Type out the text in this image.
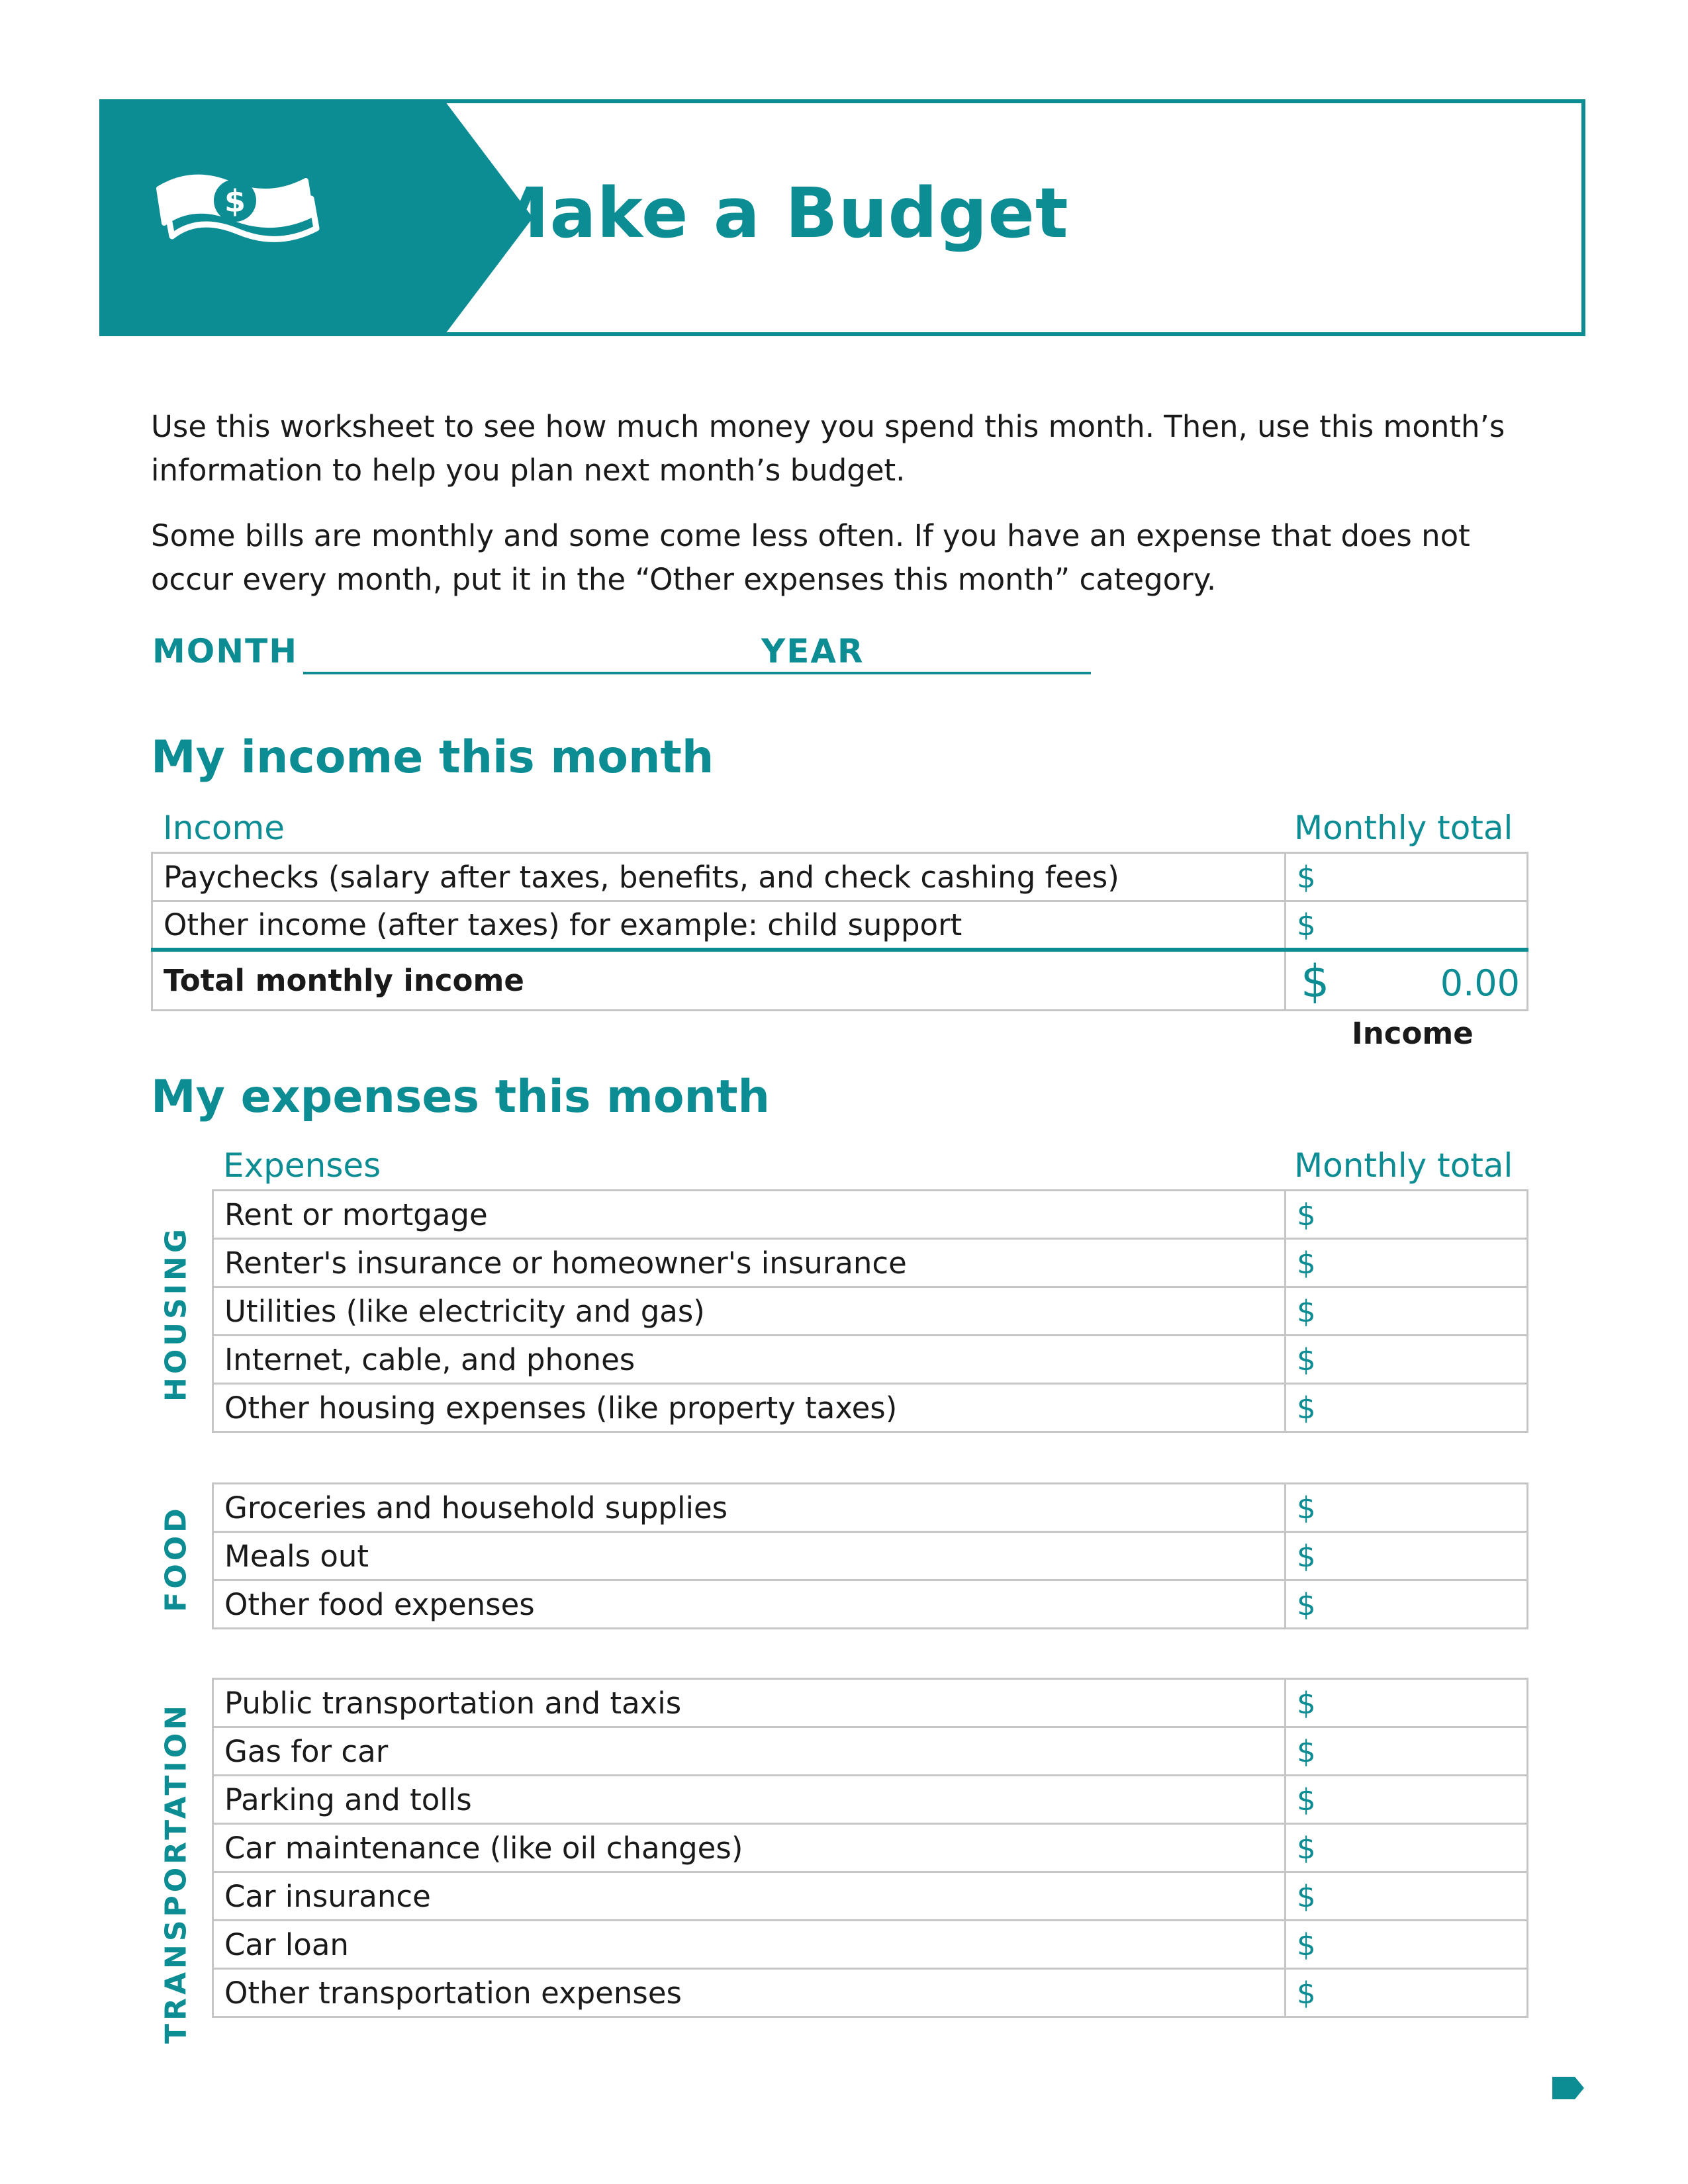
$	Make a Budget

Use this worksheet to see how much money you spend this month. Then, use this month’s information to help you plan next month’s budget.

Some bills are monthly and some come less often. If you have an expense that does not occur every month, put it in the “Other expenses this month” category.

MONTH	YEAR
My income this month
Income	Monthly total
Paychecks (salary after taxes, benefits, and check cashing fees)	$
Other income (after taxes) for example: child support	$
Total monthly income	$ 0.00
Income
My expenses this month
Expenses	Monthly total
HOUSING
Rent or mortgage	$
Renter's insurance or homeowner's insurance	$
Utilities (like electricity and gas)	$
Internet, cable, and phones	$
Other housing expenses (like property taxes)	$
FOOD Groceries and household supplies	$
Meals out	$
Other food expenses	$
TRANSPORTATION Public transportation and taxis	$
Gas for car	$
Parking and tolls	$
Car maintenance (like oil changes)	$
Car insurance	$
Car loan	$
Other transportation expenses	$
